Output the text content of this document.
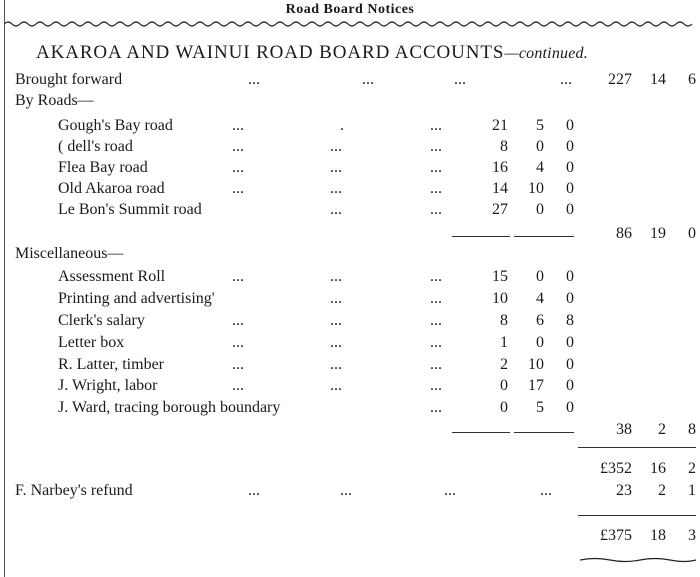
Road Board Notices
AKAROA AND WAINUI ROAD BOARD ACCOUNTS—continued.
Brought forward	...	...	...	...	227	14	6
By Roads—
Gough's Bay road	...	.	...	21	5	0
( dell's road	...	...	...	8	0	0
Flea Bay road	...	...	...	16	4	0
Old Akaroa road	...	...	...	14	10	0
Le Bon's Summit road	...	...	27	0	0
86	19	0
Miscellaneous—
Assessment Roll	...	...	...	15	0	0
Printing and advertising'	...	...	10	4	0
Clerk's salary	...	...	...	8	6	8
Letter box	...	...	...	1	0	0
R. Latter, timber	...	...	...	2	10	0
J. Wright, labor	...	...	...	0	17	0
J. Ward, tracing borough boundary	...	0	5	0
38	2	8
£352	16	2
F. Narbey's refund	...	...	...	...	23	2	1
£375	18	3
